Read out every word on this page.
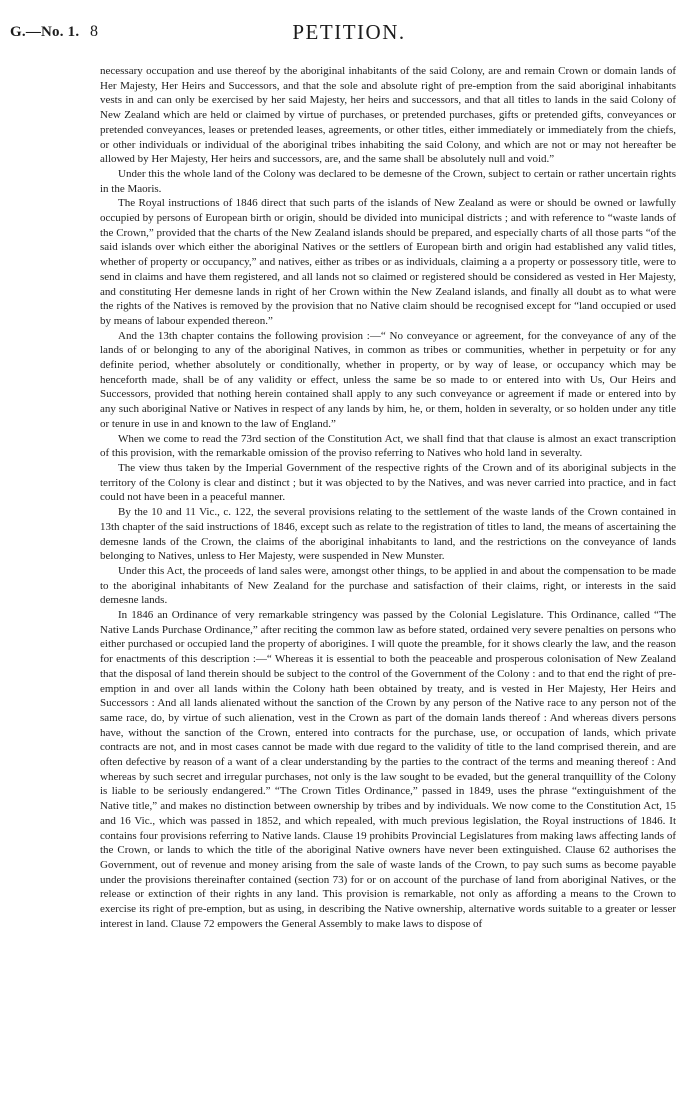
G.—No. 1. 8	PETITION.

necessary occupation and use thereof by the aboriginal inhabitants of the said Colony, are and remain Crown or domain lands of Her Majesty, Her Heirs and Successors, and that the sole and absolute right of pre-emption from the said aboriginal inhabitants vests in and can only be exercised by her said Majesty, her heirs and successors, and that all titles to lands in the said Colony of New Zealand which are held or claimed by virtue of purchases, or pretended purchases, gifts or pretended gifts, conveyances or pretended conveyances, leases or pretended leases, agreements, or other titles, either immediately or immediately from the chiefs, or other individuals or individual of the aboriginal tribes inhabiting the said Colony, and which are not or may not hereafter be allowed by Her Majesty, Her heirs and successors, are, and the same shall be absolutely null and void.”

Under this the whole land of the Colony was declared to be demesne of the Crown, subject to certain or rather uncertain rights in the Maoris.

The Royal instructions of 1846 direct that such parts of the islands of New Zealand as were or should be owned or lawfully occupied by persons of European birth or origin, should be divided into municipal districts ; and with reference to “waste lands of the Crown,” provided that the charts of the New Zealand islands should be prepared, and especially charts of all those parts “of the said islands over which either the aboriginal Natives or the settlers of European birth and origin had established any valid titles, whether of property or occupancy,” and natives, either as tribes or as individuals, claiming a a property or possessory title, were to send in claims and have them registered, and all lands not so claimed or registered should be considered as vested in Her Majesty, and constituting Her demesne lands in right of her Crown within the New Zealand islands, and finally all doubt as to what were the rights of the Natives is removed by the provision that no Native claim should be recognised except for “land occupied or used by means of labour expended thereon.”

And the 13th chapter contains the following provision :—“ No conveyance or agreement, for the conveyance of any of the lands of or belonging to any of the aboriginal Natives, in common as tribes or communities, whether in perpetuity or for any definite period, whether absolutely or conditionally, whether in property, or by way of lease, or occupancy which may be henceforth made, shall be of any validity or effect, unless the same be so made to or entered into with Us, Our Heirs and Successors, provided that nothing herein contained shall apply to any such conveyance or agreement if made or entered into by any such aboriginal Native or Natives in respect of any lands by him, he, or them, holden in severalty, or so holden under any title or tenure in use in and known to the law of England.”

When we come to read the 73rd section of the Constitution Act, we shall find that that clause is almost an exact transcription of this provision, with the remarkable omission of the proviso referring to Natives who hold land in severalty.

The view thus taken by the Imperial Government of the respective rights of the Crown and of its aboriginal subjects in the territory of the Colony is clear and distinct ; but it was objected to by the Natives, and was never carried into practice, and in fact could not have been in a peaceful manner.

By the 10 and 11 Vic., c. 122, the several provisions relating to the settlement of the waste lands of the Crown contained in 13th chapter of the said instructions of 1846, except such as relate to the registration of titles to land, the means of ascertaining the demesne lands of the Crown, the claims of the aboriginal inhabitants to land, and the restrictions on the conveyance of lands belonging to Natives, unless to Her Majesty, were suspended in New Munster.

Under this Act, the proceeds of land sales were, amongst other things, to be applied in and about the compensation to be made to the aboriginal inhabitants of New Zealand for the purchase and satisfaction of their claims, right, or interests in the said demesne lands.

In 1846 an Ordinance of very remarkable stringency was passed by the Colonial Legislature. This Ordinance, called “The Native Lands Purchase Ordinance,” after reciting the common law as before stated, ordained very severe penalties on persons who either purchased or occupied land the property of aborigines. I will quote the preamble, for it shows clearly the law, and the reason for enactments of this description :—“ Whereas it is essential to both the peaceable and prosperous colonisation of New Zealand that the disposal of land therein should be subject to the control of the Government of the Colony : and to that end the right of pre-emption in and over all lands within the Colony hath been obtained by treaty, and is vested in Her Majesty, Her Heirs and Successors : And all lands alienated without the sanction of the Crown by any person of the Native race to any person not of the same race, do, by virtue of such alienation, vest in the Crown as part of the domain lands thereof : And whereas divers persons have, without the sanction of the Crown, entered into contracts for the purchase, use, or occupation of lands, which private contracts are not, and in most cases cannot be made with due regard to the validity of title to the land comprised therein, and are often defective by reason of a want of a clear understanding by the parties to the contract of the terms and meaning thereof : And whereas by such secret and irregular purchases, not only is the law sought to be evaded, but the general tranquillity of the Colony is liable to be seriously endangered.” “The Crown Titles Ordinance,” passed in 1849, uses the phrase “extinguishment of the Native title,” and makes no distinction between ownership by tribes and by individuals. We now come to the Constitution Act, 15 and 16 Vic., which was passed in 1852, and which repealed, with much previous legislation, the Royal instructions of 1846. It contains four provisions referring to Native lands. Clause 19 prohibits Provincial Legislatures from making laws affecting lands of the Crown, or lands to which the title of the aboriginal Native owners have never been extinguished. Clause 62 authorises the Government, out of revenue and money arising from the sale of waste lands of the Crown, to pay such sums as become payable under the provisions thereinafter contained (section 73) for or on account of the purchase of land from aboriginal Natives, or the release or extinction of their rights in any land. This provision is remarkable, not only as affording a means to the Crown to exercise its right of pre-emption, but as using, in describing the Native ownership, alternative words suitable to a greater or lesser interest in land. Clause 72 empowers the General Assembly to make laws to dispose of
